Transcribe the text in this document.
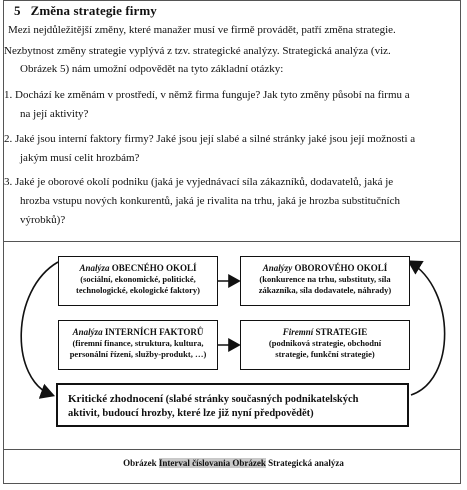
5 Změna strategie firmy
Mezi nejdůležitější změny, které manažer musí ve firmě provádět, patří změna strategie.
Nezbytnost změny strategie vyplývá z tzv. strategické analýzy. Strategická analýza (viz.
Obrázek 5) nám umožní odpovědět na tyto základní otázky:
1. Dochází ke změnám v prostředí, v němž firma funguje? Jak tyto změny působí na firmu a
na její aktivity?
2. Jaké jsou interní faktory firmy? Jaké jsou její slabé a silné stránky jaké jsou její možnosti a
jakým musí celit hrozbám?
3. Jaké je oborové okolí podniku (jaká je vyjednávací síla zákazníků, dodavatelů, jaká je
hrozba vstupu nových konkurentů, jaká je rivalita na trhu, jaká je hrozba substitučních
výrobků)?
Analýza OBECNÉHO OKOLÍ
(sociální, ekonomické, politické,
technologické, ekologické faktory)
Analýzy OBOROVÉHO OKOLÍ
(konkurence na trhu, substituty, síla
zákazníka, síla dodavatele, náhrady)
Analýza INTERNÍCH FAKTORŮ
(firemní finance, struktura, kultura,
personální řízení, služby-produkt, …)
Firemní STRATEGIE
(podniková strategie, obchodní
strategie, funkční strategie)
Kritické zhodnocení (slabé stránky současných podnikatelských
aktivit, budoucí hrozby, které lze již nyní předpovědět)
Obrázek Interval číslovania Obrázek Strategická analýza
